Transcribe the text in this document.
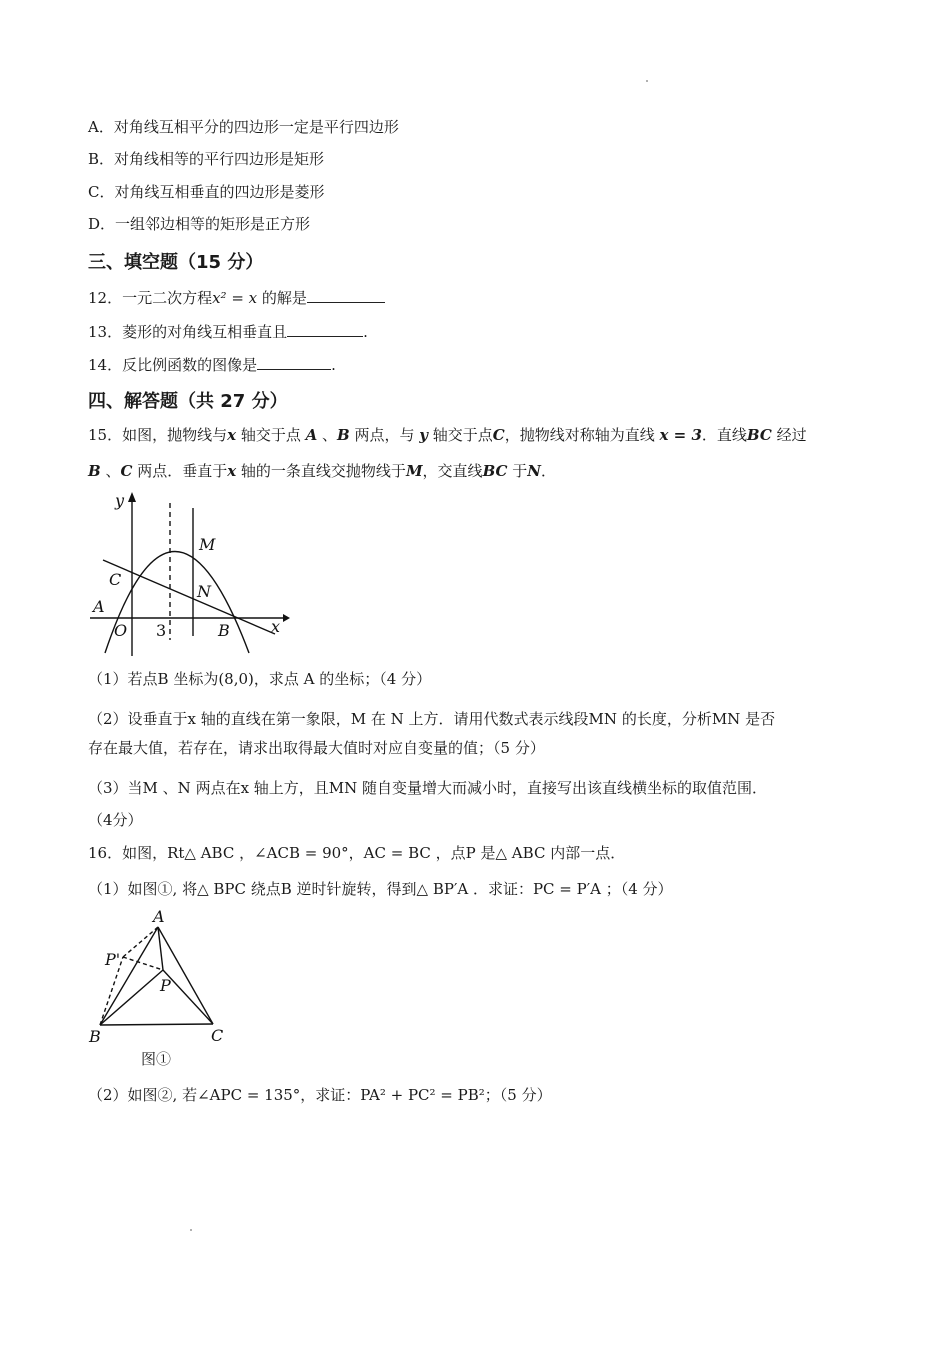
A．对角线互相平分的四边形一定是平行四边形
B．对角线相等的平行四边形是矩形
C．对角线互相垂直的四边形是菱形
D．一组邻边相等的矩形是正方形
三、填空题（15 分）
12．一元二次方程x² = x 的解是
13．菱形的对角线互相垂直且	.
14．反比例函数的图像是	.
四、解答题（共 27 分）
15．如图，抛物线与x 轴交于点 A 、B 两点，与 y 轴交于点C，抛物线对称轴为直线 x = 3．直线BC 经过
B 、C 两点．垂直于x 轴的一条直线交抛物线于M，交直线BC 于N．
y
x
M
C
N
A
O 3	B
（1）若点B 坐标为(8,0)，求点 A 的坐标；（4 分）
（2）设垂直于x 轴的直线在第一象限，M 在 N 上方．请用代数式表示线段MN 的长度，分析MN 是否
存在最大值，若存在，请求出取得最大值时对应自变量的值；（5 分）
（3）当M 、N 两点在x 轴上方，且MN 随自变量增大而减小时，直接写出该直线横坐标的取值范围．
（4分）
16．如图，Rt△ ABC ，∠ACB = 90°，AC = BC ，点P 是△ ABC 内部一点．
（1）如图①, 将△ BPC 绕点B 逆时针旋转，得到△ BP′A ．求证：PC = P′A ；（4 分）
A
P'
P
B	C
图①
（2）如图②, 若∠APC = 135°，求证：PA² + PC² = PB²；（5 分）
